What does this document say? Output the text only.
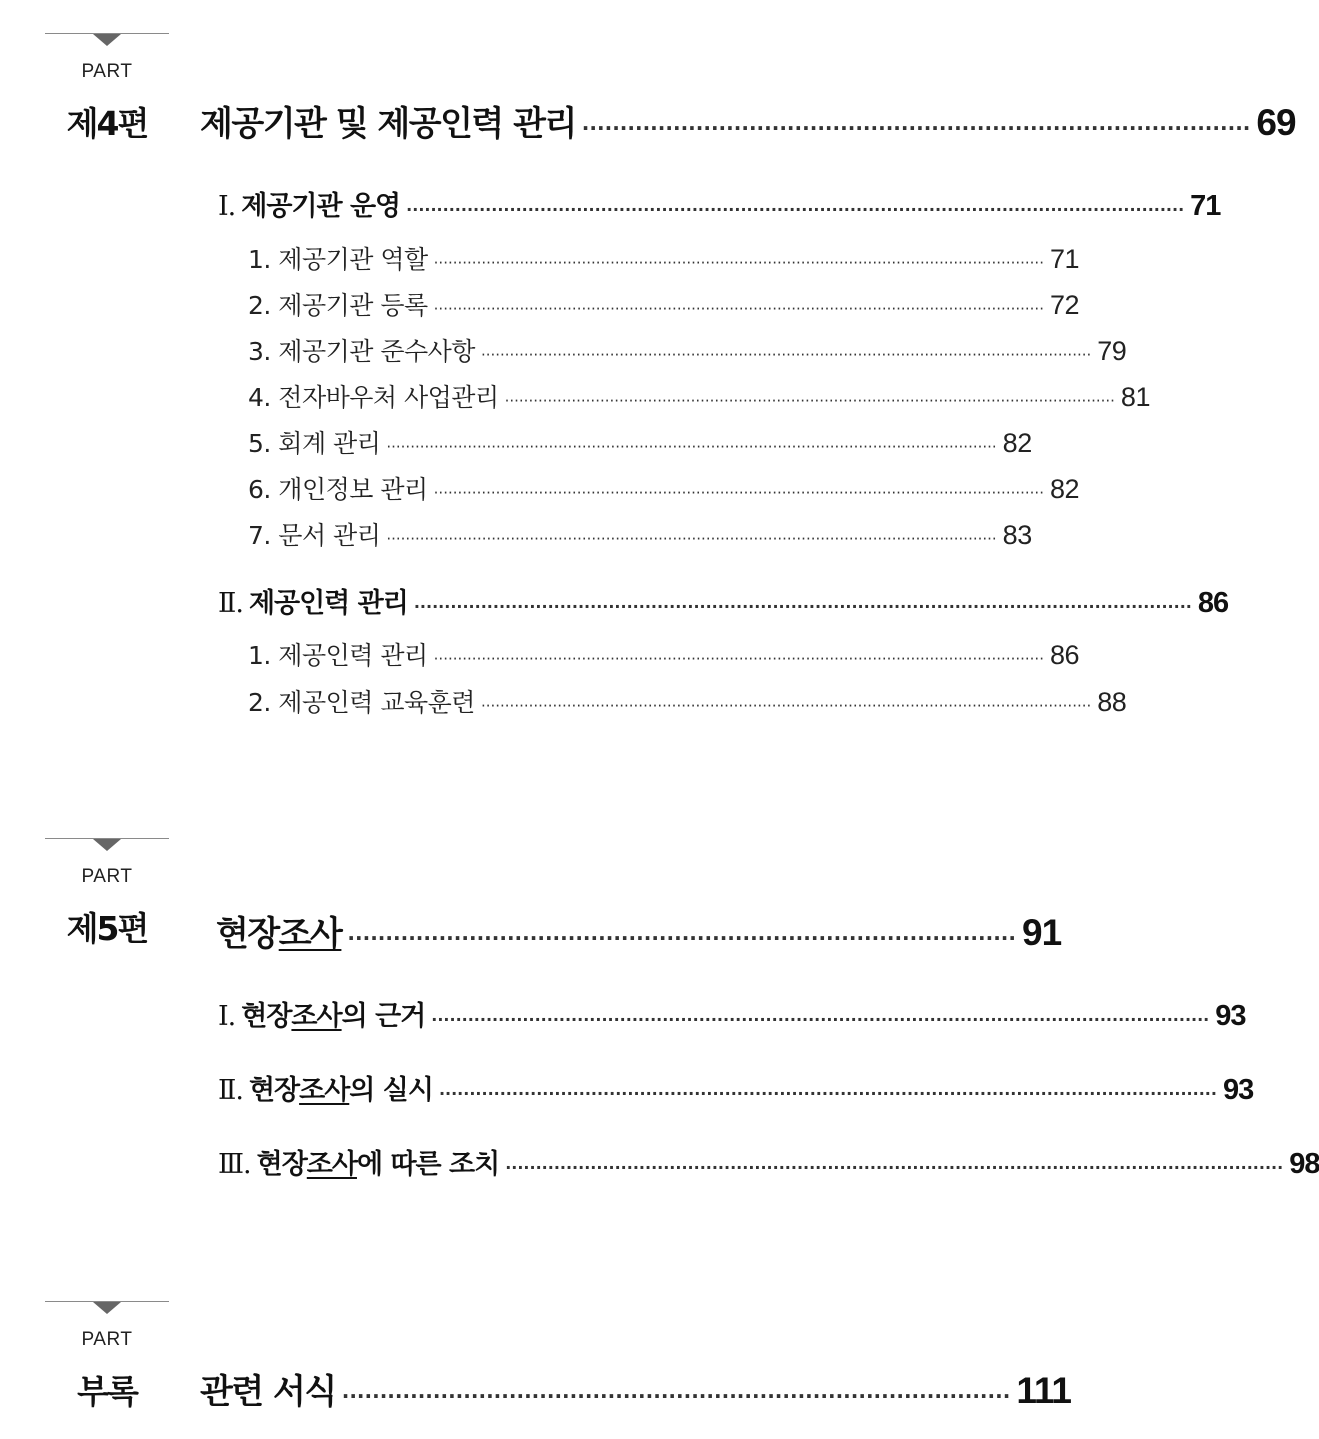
PART
제4편	제공기관 및 제공인력 관리 ························································································ 69
Ⅰ. 제공기관 운영 ································································································································ 71
1. 제공기관 역할 ································································································································ 71
2. 제공기관 등록 ································································································································ 72
3. 제공기관 준수사항 ································································································································ 79
4. 전자바우처 사업관리 ································································································································ 81
5. 회계 관리 ································································································································ 82
6. 개인정보 관리 ································································································································ 82
7. 문서 관리 ································································································································ 83
Ⅱ. 제공인력 관리 ································································································································ 86
1. 제공인력 관리 ································································································································ 86
2. 제공인력 교육훈련 ································································································································ 88
PART
제5편	현장조사 ························································································ 91
Ⅰ. 현장조사의 근거 ································································································································ 93
Ⅱ. 현장조사의 실시 ································································································································ 93
Ⅲ. 현장조사에 따른 조치 ································································································································ 98
PART
부록	관련 서식 ························································································ 111
